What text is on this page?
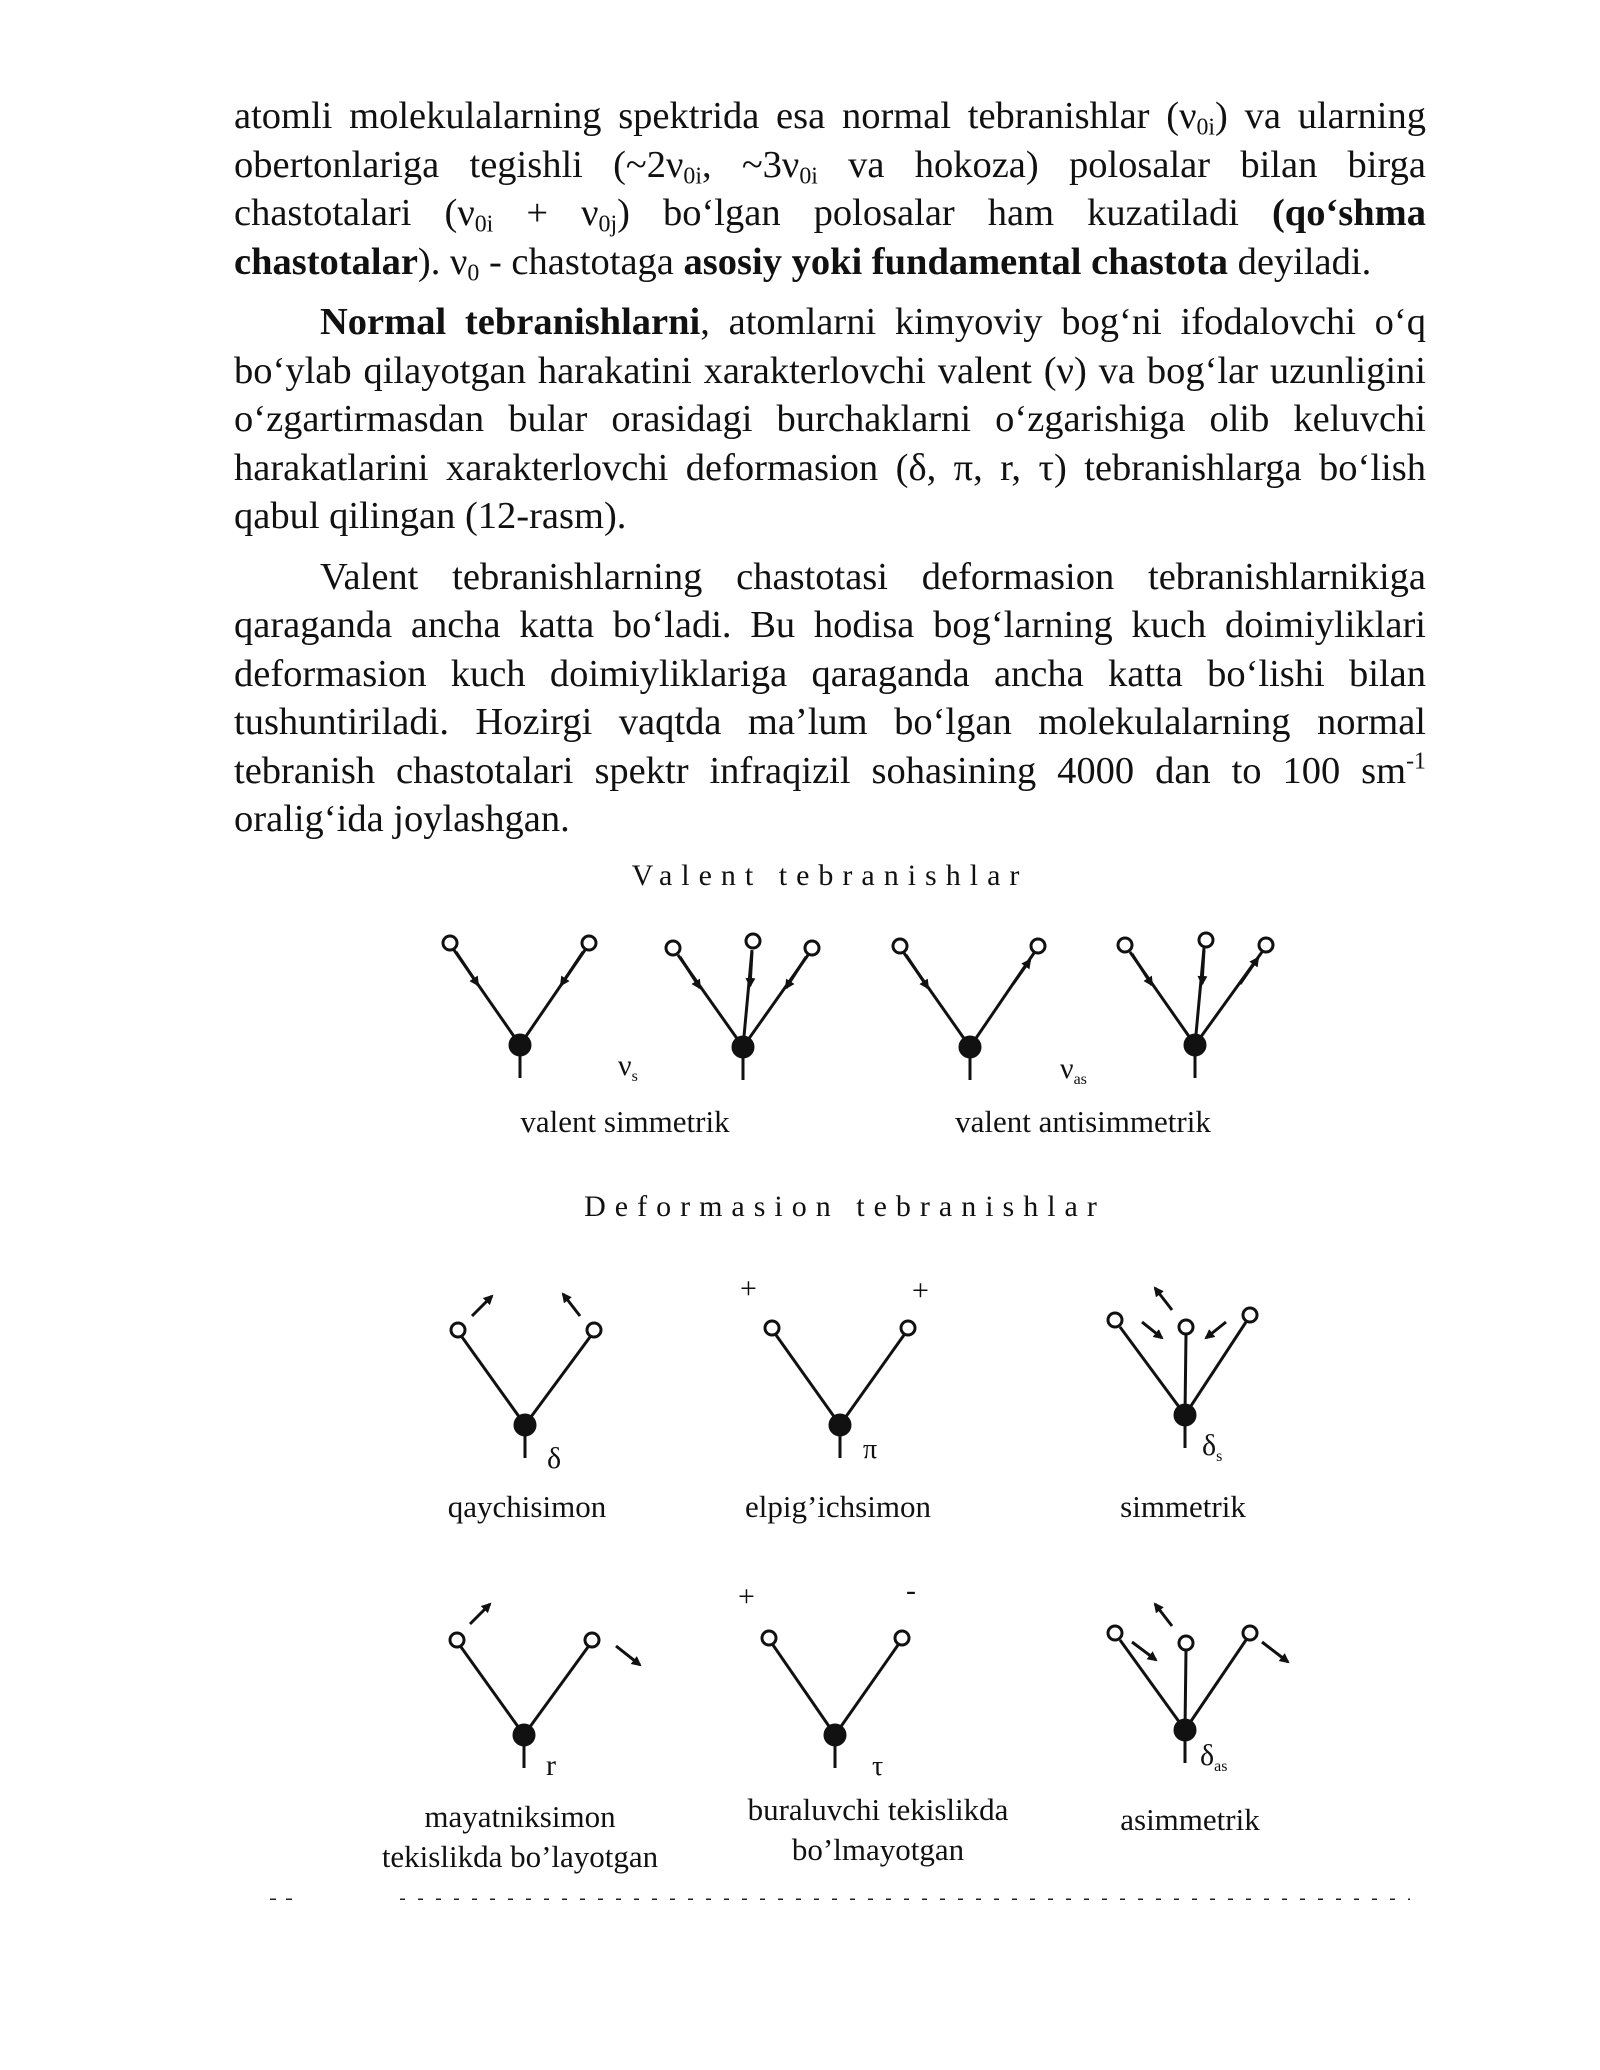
atomli molekulalarning spektrida esa normal tebranishlar $(\nu_{0i})$ va ularning obertonlariga tegishli ($\sim 2\nu_{0i}$, $\sim 3\nu_{0i}$ va hokoza) polosalar bilan birga chastotalari $(\nu_{0i} + \nu_{0j})$ bo‘lgan polosalar ham kuzatiladi (qo‘shma chastotalar). $\nu_0$ - chastotaga asosiy yoki fundamental chastota deyiladi.

Normal tebranishlarni, atomlarni kimyoviy bog‘ni ifodalovchi o‘q bo‘ylab qilayotgan harakatini xarakterlovchi valent (ν) va bog‘lar uzunligini o‘zgartirmasdan bular orasidagi burchaklarni o‘zgarishiga olib keluvchi harakatlarini xarakterlovchi deformasion (δ, π, r, τ) tebranishlarga bo‘lish qabul qilingan (12-rasm).

Valent tebranishlarning chastotasi deformasion tebranishlarnikiga qaraganda ancha katta bo‘ladi. Bu hodisa bog‘larning kuch doimiyliklari deformasion kuch doimiyliklariga qaraganda ancha katta bo‘lishi bilan tushuntiriladi. Hozirgi vaqtda ma’lum bo‘lgan molekulalarning normal tebranish chastotalari spektr infraqizil sohasining 4000 dan to 100 $sm^{-1}$ oralig‘ida joylashgan.

Valent tebranishlar
Deformasion tebranishlar
$\nu_s$	$\nu_{as}$
valent simmetrik	valent antisimmetrik
δ	π	$\delta_s$
+	+
qaychisimon	elpig’ichsimon	simmetrik
r	τ	$\delta_{as}$
+	-
mayatniksimon
tekislikda bo’layotgan
buraluvchi tekislikda
bo’lmayotgan
asimmetrik
